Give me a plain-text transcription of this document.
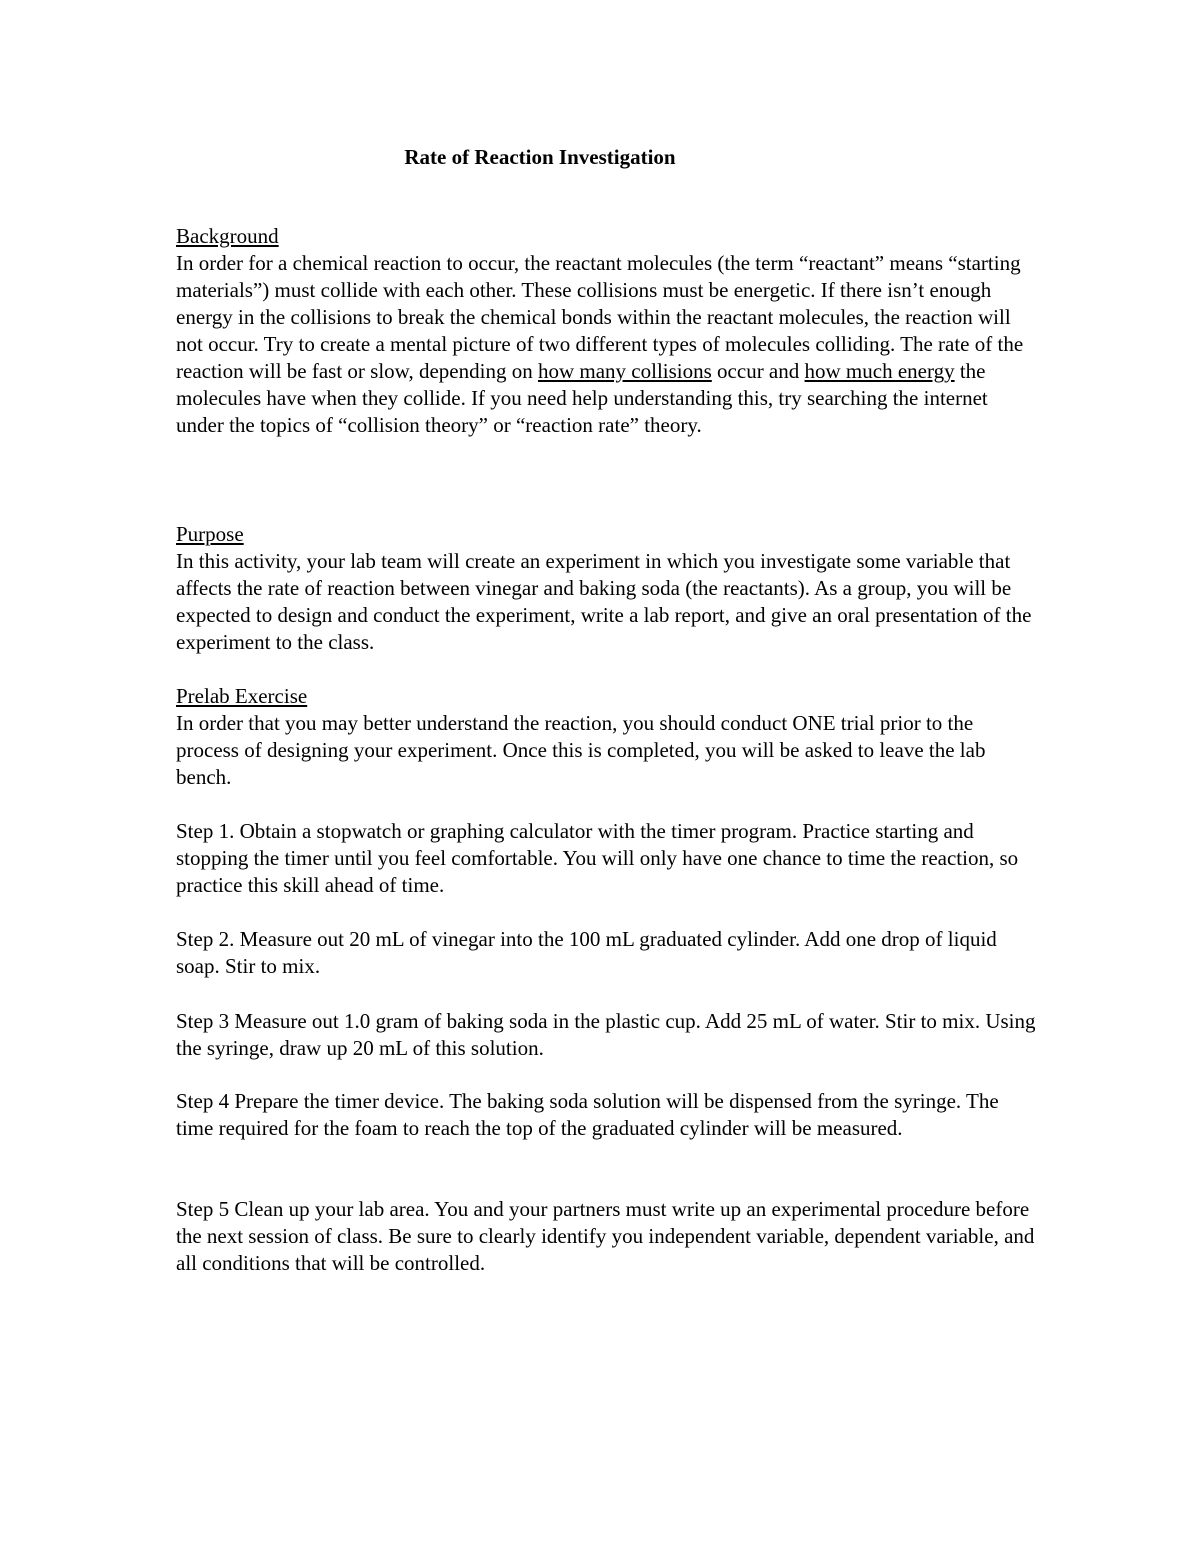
Rate of Reaction Investigation
Background

In order for a chemical reaction to occur, the reactant molecules (the term “reactant” means “starting materials”) must collide with each other. These collisions must be energetic. If there isn’t enough energy in the collisions to break the chemical bonds within the reactant molecules, the reaction will not occur. Try to create a mental picture of two different types of molecules colliding. The rate of the reaction will be fast or slow, depending on how many collisions occur and how much energy the molecules have when they collide. If you need help understanding this, try searching the internet under the topics of “collision theory” or “reaction rate” theory.

Purpose

In this activity, your lab team will create an experiment in which you investigate some variable that affects the rate of reaction between vinegar and baking soda (the reactants). As a group, you will be expected to design and conduct the experiment, write a lab report, and give an oral presentation of the experiment to the class.

Prelab Exercise

In order that you may better understand the reaction, you should conduct ONE trial prior to the process of designing your experiment. Once this is completed, you will be asked to leave the lab bench.

Step 1. Obtain a stopwatch or graphing calculator with the timer program. Practice starting and stopping the timer until you feel comfortable. You will only have one chance to time the reaction, so practice this skill ahead of time.

Step 2. Measure out 20 mL of vinegar into the 100 mL graduated cylinder. Add one drop of liquid soap. Stir to mix.

Step 3 Measure out 1.0 gram of baking soda in the plastic cup. Add 25 mL of water. Stir to mix. Using the syringe, draw up 20 mL of this solution.

Step 4 Prepare the timer device. The baking soda solution will be dispensed from the syringe. The time required for the foam to reach the top of the graduated cylinder will be measured.

Step 5 Clean up your lab area. You and your partners must write up an experimental procedure before the next session of class. Be sure to clearly identify you independent variable, dependent variable, and all conditions that will be controlled.
